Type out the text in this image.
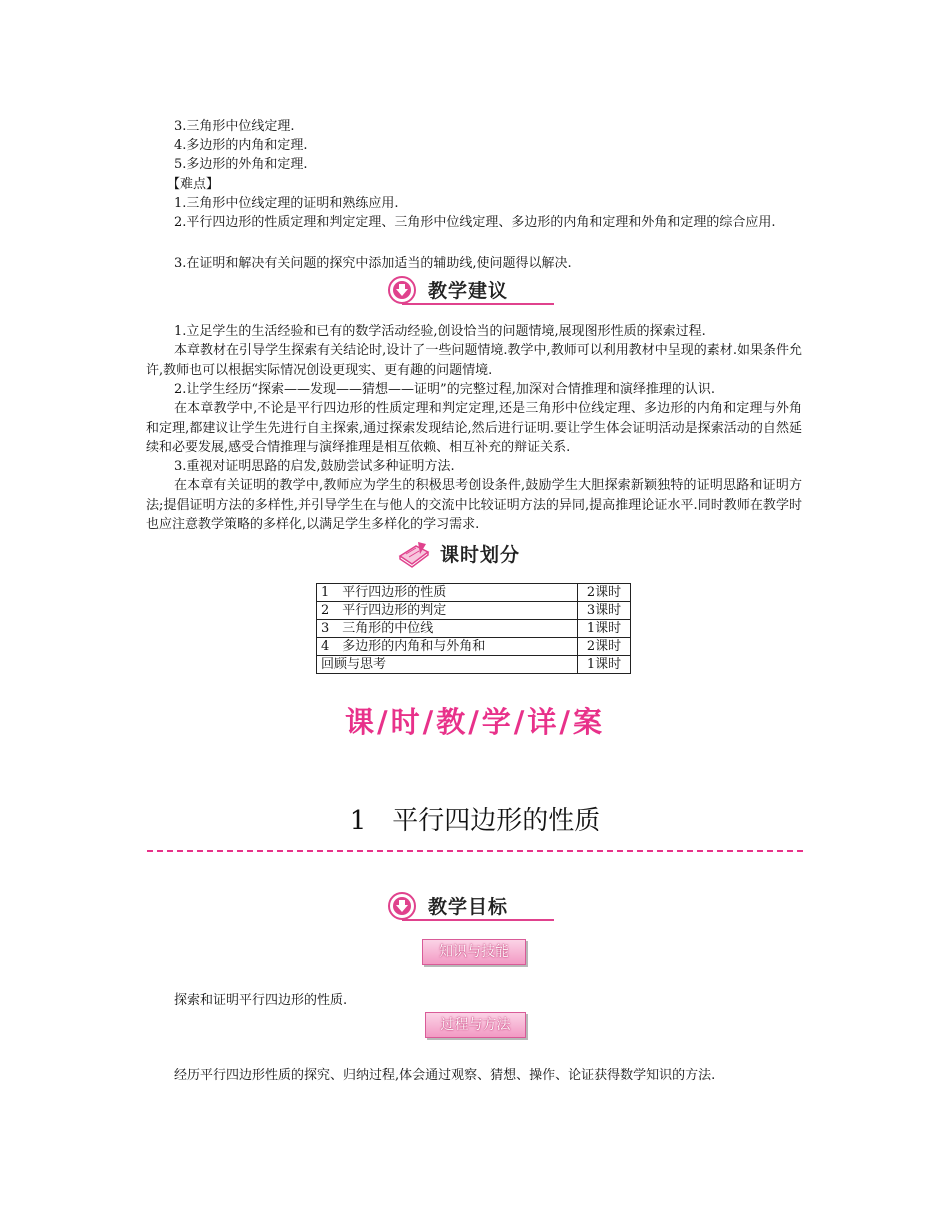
3.三角形中位线定理.
4.多边形的内角和定理.
5.多边形的外角和定理.
【难点】
1.三角形中位线定理的证明和熟练应用.
2.平行四边形的性质定理和判定定理、三角形中位线定理、多边形的内角和定理和外角和定理的综合应用.
3.在证明和解决有关问题的探究中添加适当的辅助线,使问题得以解决.
教学建议
1.立足学生的生活经验和已有的数学活动经验,创设恰当的问题情境,展现图形性质的探索过程.
本章教材在引导学生探索有关结论时,设计了一些问题情境.教学中,教师可以利用教材中呈现的素材.如果条件允许,教师也可以根据实际情况创设更现实、更有趣的问题情境.
2.让学生经历“探索——发现——猜想——证明”的完整过程,加深对合情推理和演绎推理的认识.
在本章教学中,不论是平行四边形的性质定理和判定定理,还是三角形中位线定理、多边形的内角和定理与外角和定理,都建议让学生先进行自主探索,通过探索发现结论,然后进行证明.要让学生体会证明活动是探索活动的自然延续和必要发展,感受合情推理与演绎推理是相互依赖、相互补充的辩证关系.
3.重视对证明思路的启发,鼓励尝试多种证明方法.
在本章有关证明的教学中,教师应为学生的积极思考创设条件,鼓励学生大胆探索新颖独特的证明思路和证明方法;提倡证明方法的多样性,并引导学生在与他人的交流中比较证明方法的异同,提高推理论证水平.同时教师在教学时也应注意教学策略的多样化,以满足学生多样化的学习需求.
课时划分
1　平行四边形的性质	2课时
2　平行四边形的判定	3课时
3　三角形的中位线	1课时
4　多边形的内角和与外角和	2课时
回顾与思考	1课时
课/时/教/学/详/案
1　平行四边形的性质
教学目标
知识与技能
探索和证明平行四边形的性质.
过程与方法
经历平行四边形性质的探究、归纳过程,体会通过观察、猜想、操作、论证获得数学知识的方法.
